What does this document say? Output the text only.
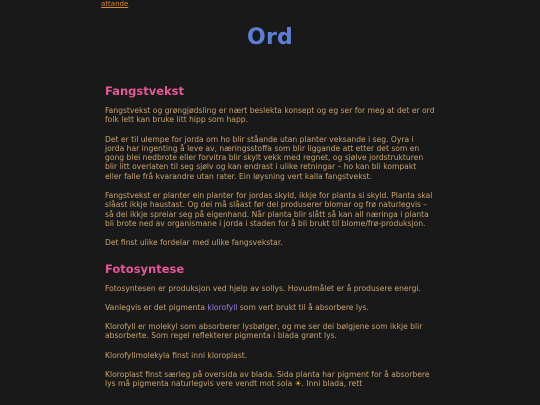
attande
Ord
Fangstvekst

Fangstvekst og grøngjødsling er nært beslekta konsept og eg ser for meg at det er ord folk lett kan bruke litt hipp som happ.

Det er til ulempe for jorda om ho blir ståande utan planter veksande i seg. Oyra i jorda har ingenting å leve av, næringsstoffa som blir liggande att etter det som en gong blei nedbrote eller forvitra blir skylt vekk med regnet, og sjølve jordstrukturen blir litt overlaten til seg sjølv og kan endrast i ulike retningar – ho kan bli kompakt eller falle frå kvarandre utan rater. Ein løysning vert kalla fangstvekst.

Fangstvekst er planter ein planter for jordas skyld, ikkje for planta si skyld. Planta skal slåast ikkje haustast. Og dei må slåast før dei produserer blomar og frø naturlegvis – så dei ikkje spreiar seg på eigenhand. Når planta blir slått så kan all næringa i planta bli brote ned av organismane i jorda i staden for å bli brukt til blome/frø-produksjon.

Det finst ulike fordelar med ulike fangsvekstar.

Fotosyntese

Fotosyntesen er produksjon ved hjelp av sollys. Hovudmålet er å produsere energi.

Vanlegvis er det pigmenta klorofyll som vert brukt til å absorbere lys.

Klorofyll er molekyl som absorberer lysbølger, og me ser dei bølgjene som ikkje blir absorberte. Som regel reflekterer pigmenta i blada grønt lys.

Klorofyllmolekyla finst inni kloroplast.

Kloroplast finst særleg på oversida av blada. Sida planta har pigment for å absorbere lys må pigmenta naturlegvis vere vendt mot sola ☀. Inni blada, rett
